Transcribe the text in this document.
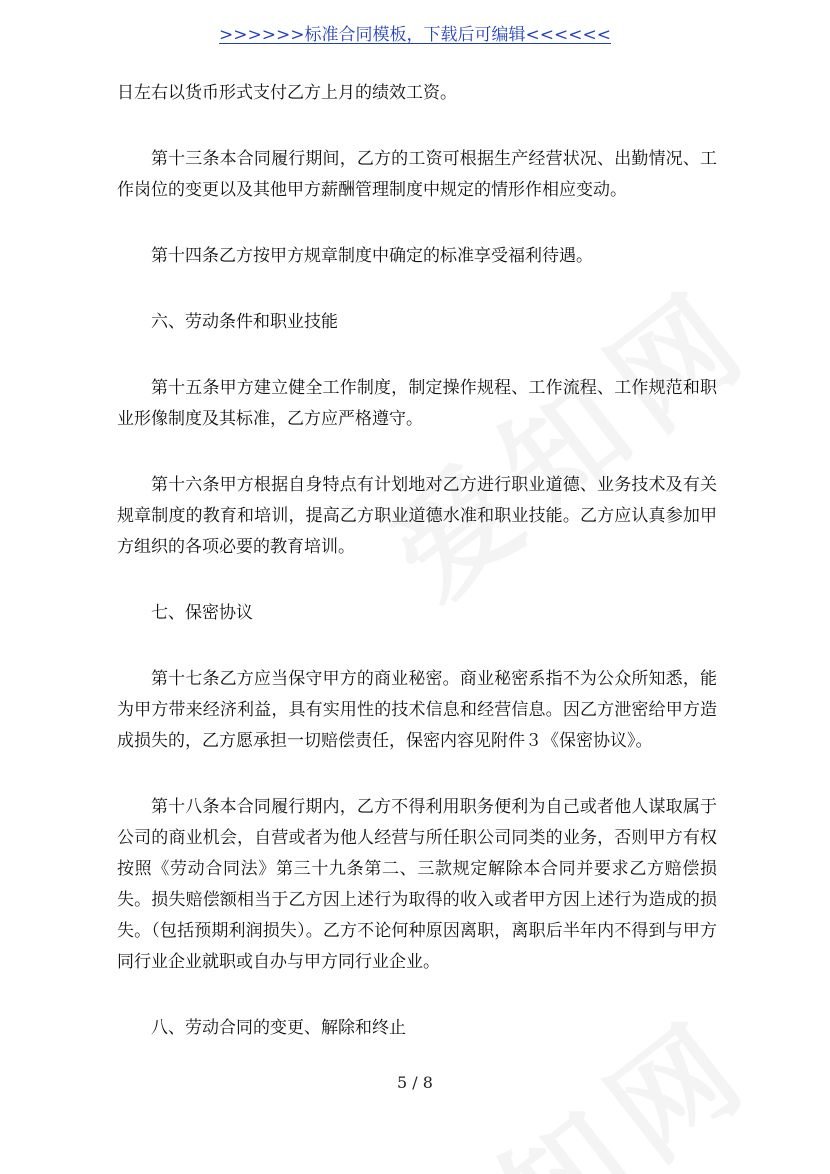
>>>>>>标准合同模板，下载后可编辑<<<<<<

日左右以货币形式支付乙方上月的绩效工资。

第十三条本合同履行期间，乙方的工资可根据生产经营状况、出勤情况、工作岗位的变更以及其他甲方薪酬管理制度中规定的情形作相应变动。

第十四条乙方按甲方规章制度中确定的标准享受福利待遇。

六、劳动条件和职业技能

第十五条甲方建立健全工作制度，制定操作规程、工作流程、工作规范和职业形像制度及其标准，乙方应严格遵守。

第十六条甲方根据自身特点有计划地对乙方进行职业道德、业务技术及有关规章制度的教育和培训，提高乙方职业道德水准和职业技能。乙方应认真参加甲方组织的各项必要的教育培训。

七、保密协议

第十七条乙方应当保守甲方的商业秘密。商业秘密系指不为公众所知悉，能为甲方带来经济利益，具有实用性的技术信息和经营信息。因乙方泄密给甲方造成损失的，乙方愿承担一切赔偿责任，保密内容见附件３《保密协议》。

第十八条本合同履行期内，乙方不得利用职务便利为自己或者他人谋取属于公司的商业机会，自营或者为他人经营与所任职公司同类的业务，否则甲方有权按照《劳动合同法》第三十九条第二、三款规定解除本合同并要求乙方赔偿损失。损失赔偿额相当于乙方因上述行为取得的收入或者甲方因上述行为造成的损失。（包括预期利润损失）。乙方不论何种原因离职，离职后半年内不得到与甲方同行业企业就职或自办与甲方同行业企业。

八、劳动合同的变更、解除和终止

5 / 8
